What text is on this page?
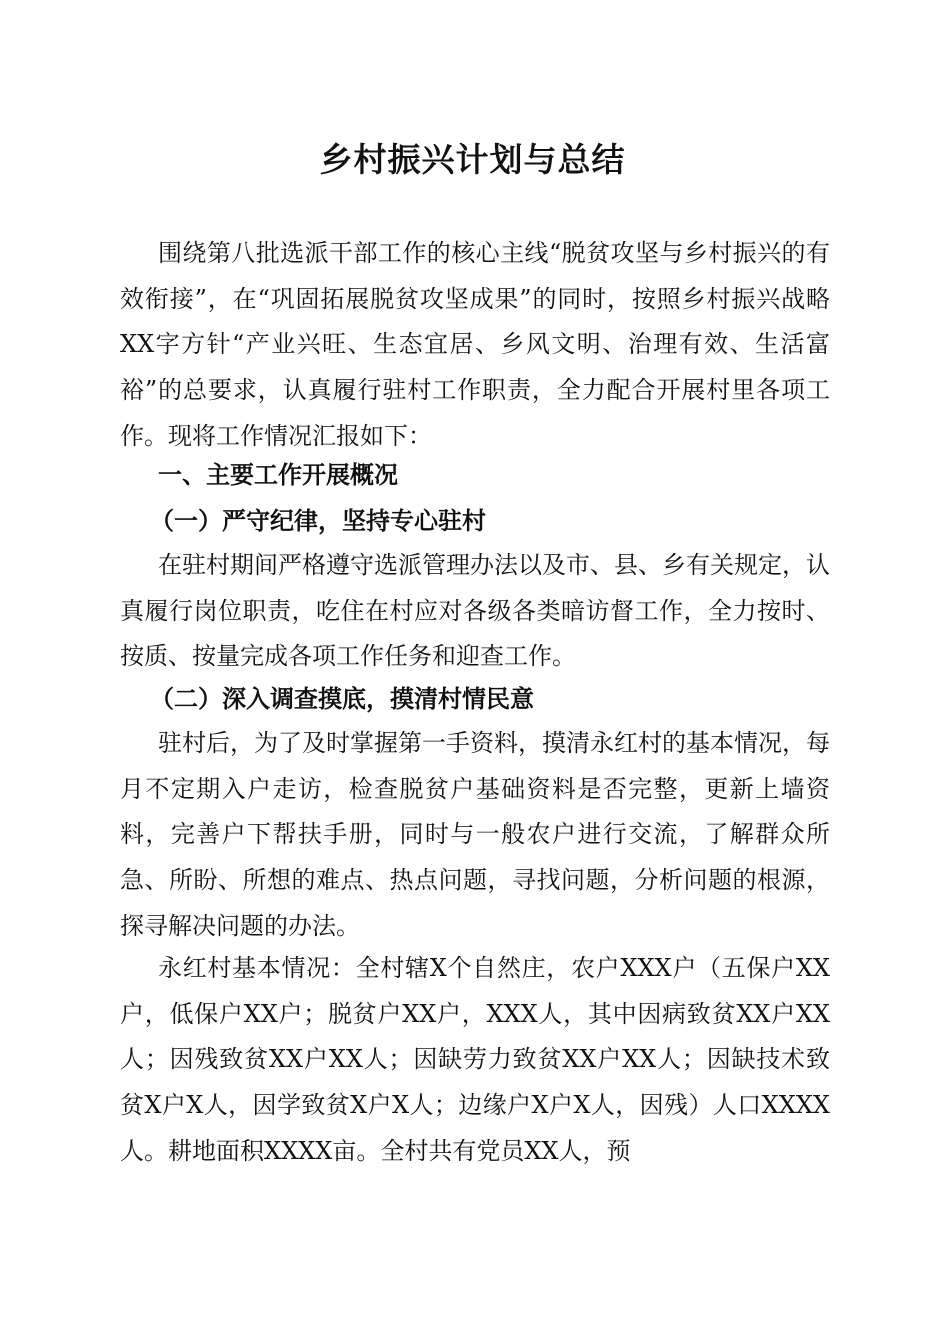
乡村振兴计划与总结

围绕第八批选派干部工作的核心主线“脱贫攻坚与乡村振兴的有效衔接”，在“巩固拓展脱贫攻坚成果”的同时，按照乡村振兴战略XX字方针“产业兴旺、生态宜居、乡风文明、治理有效、生活富裕”的总要求，认真履行驻村工作职责，全力配合开展村里各项工作。现将工作情况汇报如下：

一、主要工作开展概况

（一）严守纪律，坚持专心驻村

在驻村期间严格遵守选派管理办法以及市、县、乡有关规定，认真履行岗位职责，吃住在村应对各级各类暗访督工作，全力按时、按质、按量完成各项工作任务和迎查工作。

（二）深入调查摸底，摸清村情民意

驻村后，为了及时掌握第一手资料，摸清永红村的基本情况，每月不定期入户走访，检查脱贫户基础资料是否完整，更新上墙资料，完善户下帮扶手册，同时与一般农户进行交流，了解群众所急、所盼、所想的难点、热点问题，寻找问题，分析问题的根源，探寻解决问题的办法。

永红村基本情况：全村辖X个自然庄，农户XXX户（五保户XX户，低保户XX户；脱贫户XX户，XXX人，其中因病致贫XX户XX人；因残致贫XX户XX人；因缺劳力致贫XX户XX人；因缺技术致贫X户X人，因学致贫X户X人；边缘户X户X人，因残）人口XXXX人。耕地面积XXXX亩。全村共有党员XX人，预
